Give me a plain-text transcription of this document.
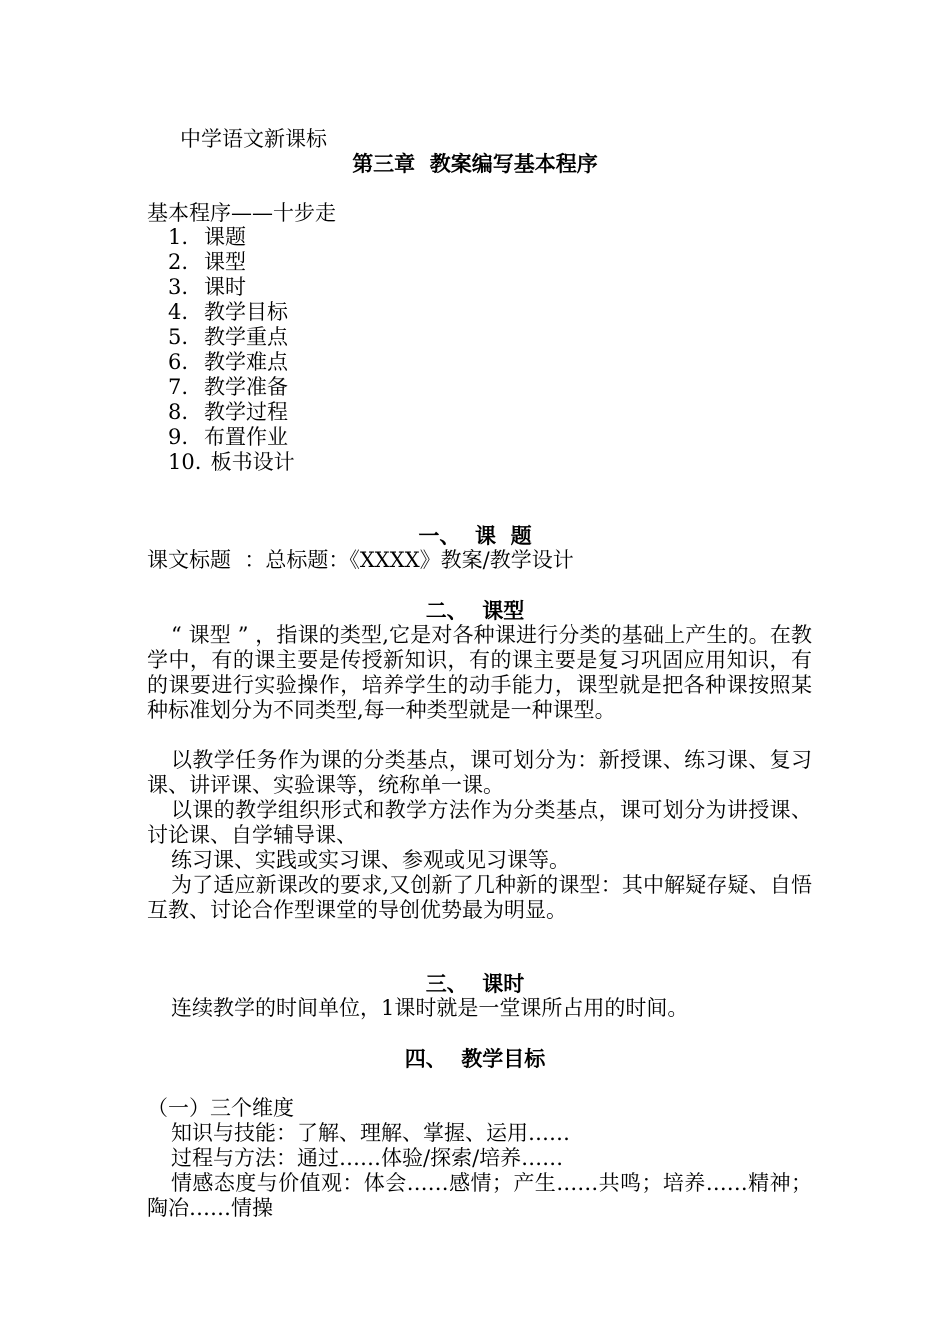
中学语文新课标

第三章  教案编写基本程序

基本程序——十步走

1. 课题
2. 课型
3. 课时
4. 教学目标
5. 教学重点
6. 教学难点
7. 教学准备
8. 教学过程
9. 布置作业
10. 板书设计

一、  课  题

课文标题  ：总标题：《XXXX》教案/教学设计

二、  课型

“ 课型 ” ，指课的类型,它是对各种课进行分类的基础上产生的。在教学中，有的课主要是传授新知识，有的课主要是复习巩固应用知识，有的课要进行实验操作，培养学生的动手能力，课型就是把各种课按照某种标准划分为不同类型,每一种类型就是一种课型。

以教学任务作为课的分类基点，课可划分为：新授课、练习课、复习课、讲评课、实验课等，统称单一课。

以课的教学组织形式和教学方法作为分类基点，课可划分为讲授课、讨论课、自学辅导课、

练习课、实践或实习课、参观或见习课等。

为了适应新课改的要求,又创新了几种新的课型：其中解疑存疑、自悟互教、讨论合作型课堂的导创优势最为明显。

三、  课时

连续教学的时间单位，1课时就是一堂课所占用的时间。

四、  教学目标

（一）三个维度

知识与技能：了解、理解、掌握、运用……

过程与方法：通过……体验/探索/培养……

情感态度与价值观：体会……感情；产生……共鸣；培养……精神；陶冶……情操
